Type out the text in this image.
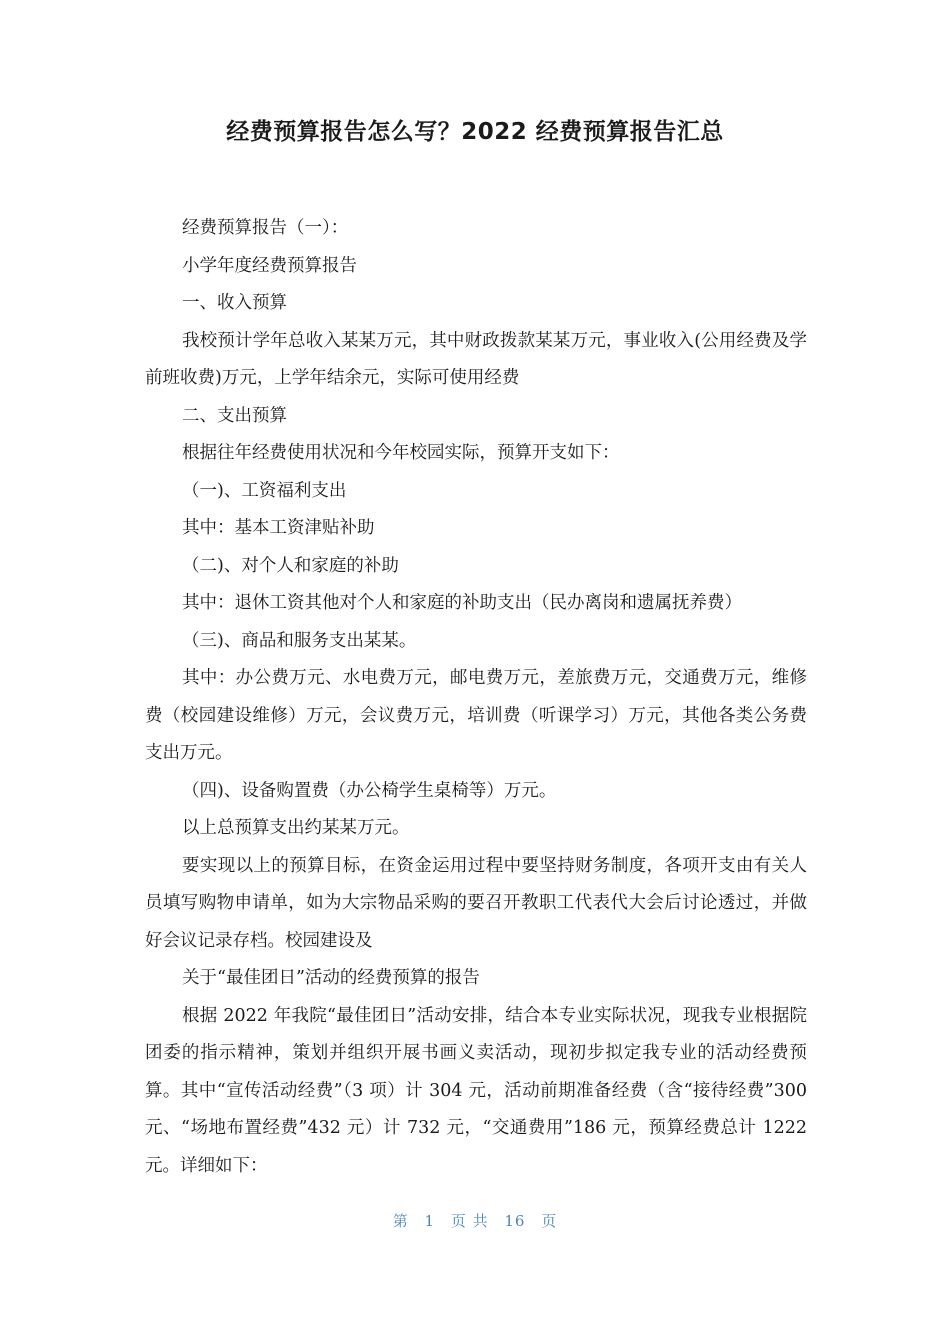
经费预算报告怎么写？2022 经费预算报告汇总

经费预算报告（一）：

小学年度经费预算报告

一、收入预算

我校预计学年总收入某某万元，其中财政拨款某某万元，事业收入(公用经费及学前班收费)万元，上学年结余元，实际可使用经费

二、支出预算

根据往年经费使用状况和今年校园实际，预算开支如下：

（一)、工资福利支出

其中：基本工资津贴补助

（二)、对个人和家庭的补助

其中：退休工资其他对个人和家庭的补助支出（民办离岗和遗属抚养费）

（三)、商品和服务支出某某。

其中：办公费万元、水电费万元，邮电费万元，差旅费万元，交通费万元，维修费（校园建设维修）万元，会议费万元，培训费（听课学习）万元，其他各类公务费支出万元。

（四)、设备购置费（办公椅学生桌椅等）万元。

以上总预算支出约某某万元。

要实现以上的预算目标，在资金运用过程中要坚持财务制度，各项开支由有关人员填写购物申请单，如为大宗物品采购的要召开教职工代表代大会后讨论透过，并做好会议记录存档。校园建设及

关于“最佳团日”活动的经费预算的报告

根据 2022 年我院“最佳团日”活动安排，结合本专业实际状况，现我专业根据院团委的指示精神，策划并组织开展书画义卖活动，现初步拟定我专业的活动经费预算。其中“宣传活动经费”（3 项）计 304 元，活动前期准备经费（含“接待经费”300 元、“场地布置经费”432 元）计 732 元，“交通费用”186 元，预算经费总计 1222 元。详细如下：

第 1 页 共 16 页
